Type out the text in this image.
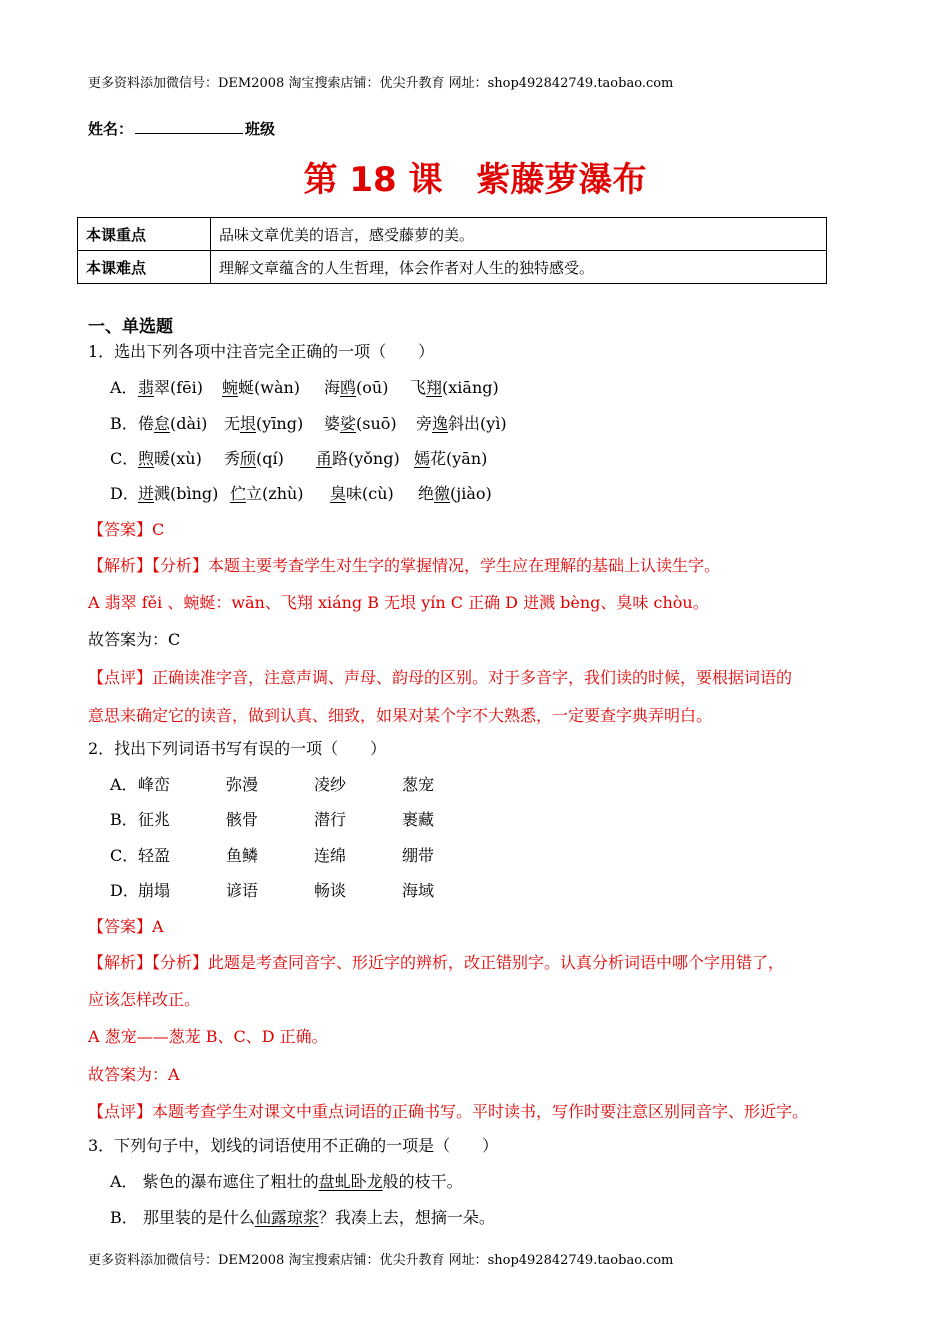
更多资料添加微信号：DEM2008 淘宝搜索店铺：优尖升教育 网址：shop492842749.taobao.com
姓名：	班级
第 18 课　紫藤萝瀑布
本课重点	品味文章优美的语言，感受藤萝的美。
本课难点	理解文章蕴含的人生哲理，体会作者对人生的独特感受。
一、单选题
1．选出下列各项中注音完全正确的一项（　　）
A． 翡翠(fēi) 蜿蜒(wàn) 海鸥(oū) 飞翔(xiāng)
B． 倦怠(dài) 无垠(yīng) 婆娑(suō) 旁逸斜出(yì)
C． 煦暖(xù) 秀颀(qí) 甬路(yǒng) 嫣花(yān)
D． 迸溅(bìng) 伫立(zhù) 臭味(cù) 绝徼(jiào)
【答案】C
【解析】【分析】本题主要考查学生对生字的掌握情况，学生应在理解的基础上认读生字。
A 翡翠 fěi 、蜿蜒：wān、飞翔 xiáng B 无垠 yín C 正确 D 迸溅 bèng、臭味 chòu。
故答案为：C
【点评】正确读准字音，注意声调、声母、韵母的区别。对于多音字，我们读的时候，要根据词语的
意思来确定它的读音，做到认真、细致，如果对某个字不大熟悉，一定要查字典弄明白。
2．找出下列词语书写有误的一项（　　）
A． 峰峦	弥漫	凌纱	葱宠
B． 征兆	骸骨	潜行	裹藏
C． 轻盈	鱼鳞	连绵	绷带
D． 崩塌	谚语	畅谈	海域
【答案】A
【解析】【分析】此题是考查同音字、形近字的辨析，改正错别字。认真分析词语中哪个字用错了，
应该怎样改正。
A 葱宠——葱茏 B、C、D 正确。
故答案为：A
【点评】本题考查学生对课文中重点词语的正确书写。平时读书，写作时要注意区别同音字、形近字。
3．下列句子中，划线的词语使用不正确的一项是（　　）
A． 紫色的瀑布遮住了粗壮的盘虬卧龙般的枝干。
B． 那里装的是什么仙露琼浆？我凑上去，想摘一朵。
更多资料添加微信号：DEM2008 淘宝搜索店铺：优尖升教育 网址：shop492842749.taobao.com
